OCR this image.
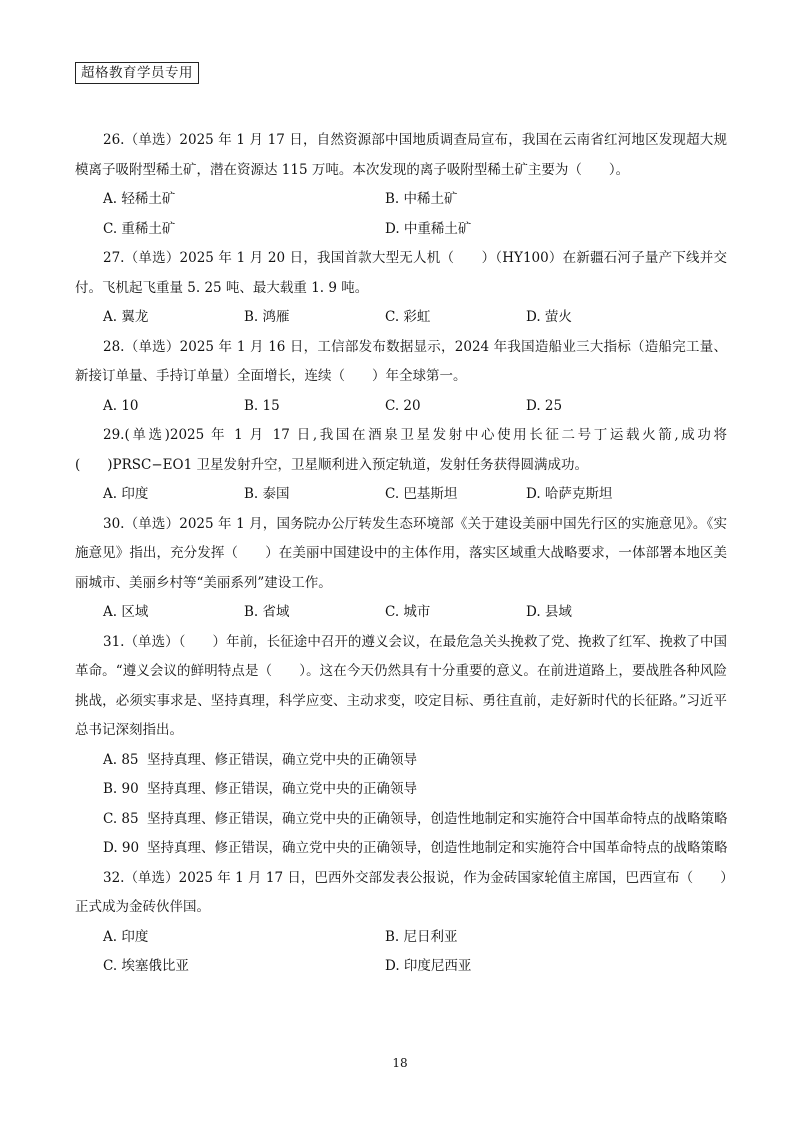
超格教育学员专用

26.（单选）2025 年 1 月 17 日，自然资源部中国地质调查局宣布，我国在云南省红河地区发现超大规模离子吸附型稀土矿，潜在资源达 115 万吨。本次发现的离子吸附型稀土矿主要为（　　）。

A. 轻稀土矿	B. 中稀土矿
C. 重稀土矿	D. 中重稀土矿

27.（单选）2025 年 1 月 20 日，我国首款大型无人机（　　）（HY100）在新疆石河子量产下线并交付。飞机起飞重量 5. 25 吨、最大载重 1. 9 吨。

A. 翼龙	B. 鸿雁	C. 彩虹	D. 萤火

28.（单选）2025 年 1 月 16 日，工信部发布数据显示，2024 年我国造船业三大指标（造船完工量、新接订单量、手持订单量）全面增长，连续（　　）年全球第一。

A. 10	B. 15	C. 20	D. 25

29.(单选)2025 年 1 月 17 日,我国在酒泉卫星发射中心使用长征二号丁运载火箭,成功将(　　)PRSC−EO1 卫星发射升空，卫星顺利进入预定轨道，发射任务获得圆满成功。

A. 印度	B. 泰国	C. 巴基斯坦	D. 哈萨克斯坦

30.（单选）2025 年 1 月，国务院办公厅转发生态环境部《关于建设美丽中国先行区的实施意见》。《实施意见》指出，充分发挥（　　）在美丽中国建设中的主体作用，落实区域重大战略要求，一体部署本地区美丽城市、美丽乡村等“美丽系列”建设工作。

A. 区域	B. 省域	C. 城市	D. 县域

31.（单选）（　　）年前，长征途中召开的遵义会议，在最危急关头挽救了党、挽救了红军、挽救了中国革命。“遵义会议的鲜明特点是（　　）。这在今天仍然具有十分重要的意义。在前进道路上，要战胜各种风险挑战，必须实事求是、坚持真理，科学应变、主动求变，咬定目标、勇往直前，走好新时代的长征路。”习近平总书记深刻指出。

A. 85 坚持真理、修正错误，确立党中央的正确领导
B. 90 坚持真理、修正错误，确立党中央的正确领导
C. 85 坚持真理、修正错误，确立党中央的正确领导，创造性地制定和实施符合中国革命特点的战略策略
D. 90 坚持真理、修正错误，确立党中央的正确领导，创造性地制定和实施符合中国革命特点的战略策略

32.（单选）2025 年 1 月 17 日，巴西外交部发表公报说，作为金砖国家轮值主席国，巴西宣布（　　）正式成为金砖伙伴国。

A. 印度	B. 尼日利亚
C. 埃塞俄比亚	D. 印度尼西亚
18
